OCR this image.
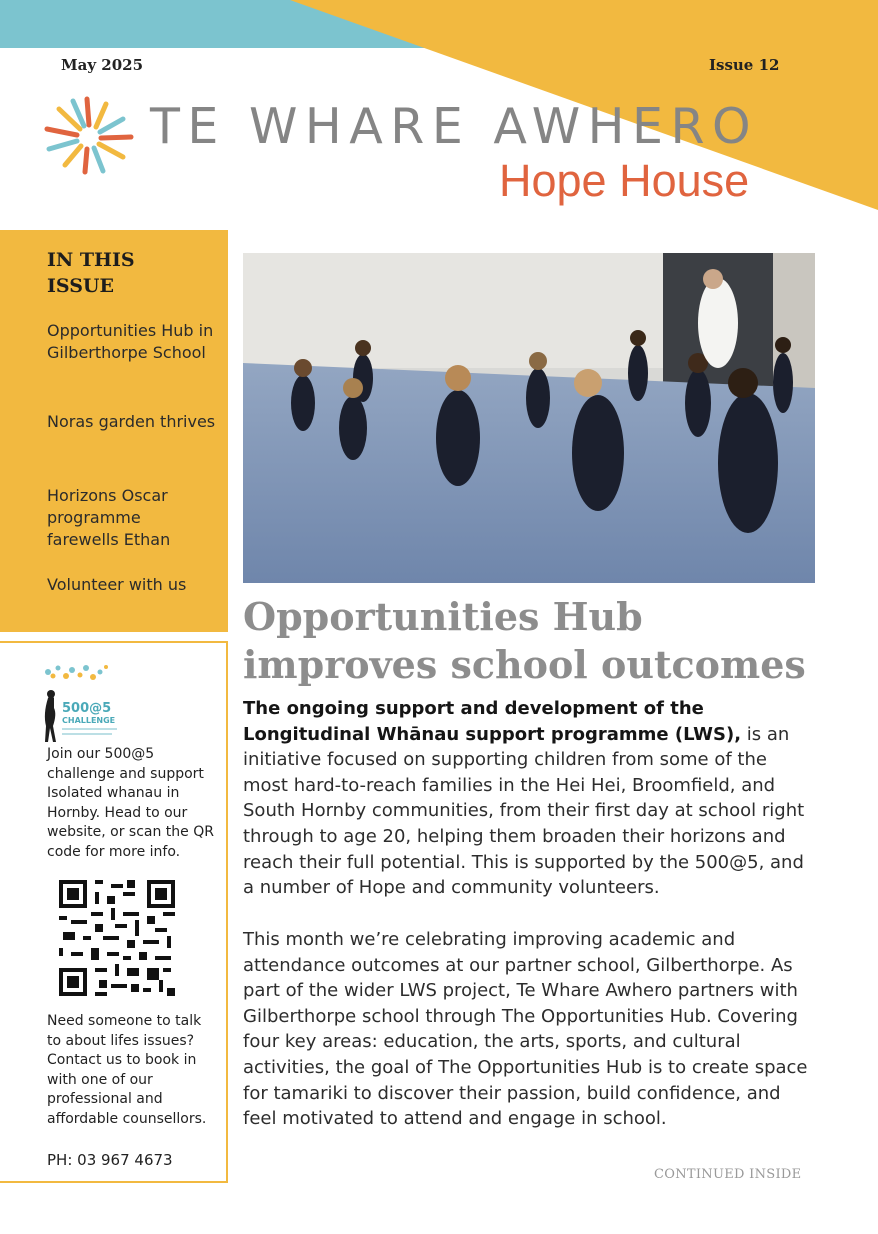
May 2025	Issue 12
TE WHARE AWHERO
Hope House
IN THIS ISSUE
Opportunities Hub in Gilberthorpe School
Noras garden thrives
Horizons Oscar programme farewells Ethan
Volunteer with us
500@5
CHALLENGE
Join our 500@5 challenge and support Isolated whanau in Hornby. Head to our website, or scan the QR code for more info.
Need someone to talk to about lifes issues? Contact us to book in with one of our professional and affordable counsellors.
PH: 03 967 4673
Opportunities Hub
improves school outcomes

The ongoing support and development of the Longitudinal Whānau support programme (LWS), is an initiative focused on supporting children from some of the most hard-to-reach families in the Hei Hei, Broomfield, and South Hornby communities, from their first day at school right through to age 20, helping them broaden their horizons and reach their full potential. This is supported by the 500@5, and a number of Hope and community volunteers.

This month we’re celebrating improving academic and attendance outcomes at our partner school, Gilberthorpe. As part of the wider LWS project, Te Whare Awhero partners with Gilberthorpe school through The Opportunities Hub. Covering four key areas: education, the arts, sports, and cultural activities, the goal of The Opportunities Hub is to create space for tamariki to discover their passion, build confidence, and feel motivated to attend and engage in school.

CONTINUED INSIDE
